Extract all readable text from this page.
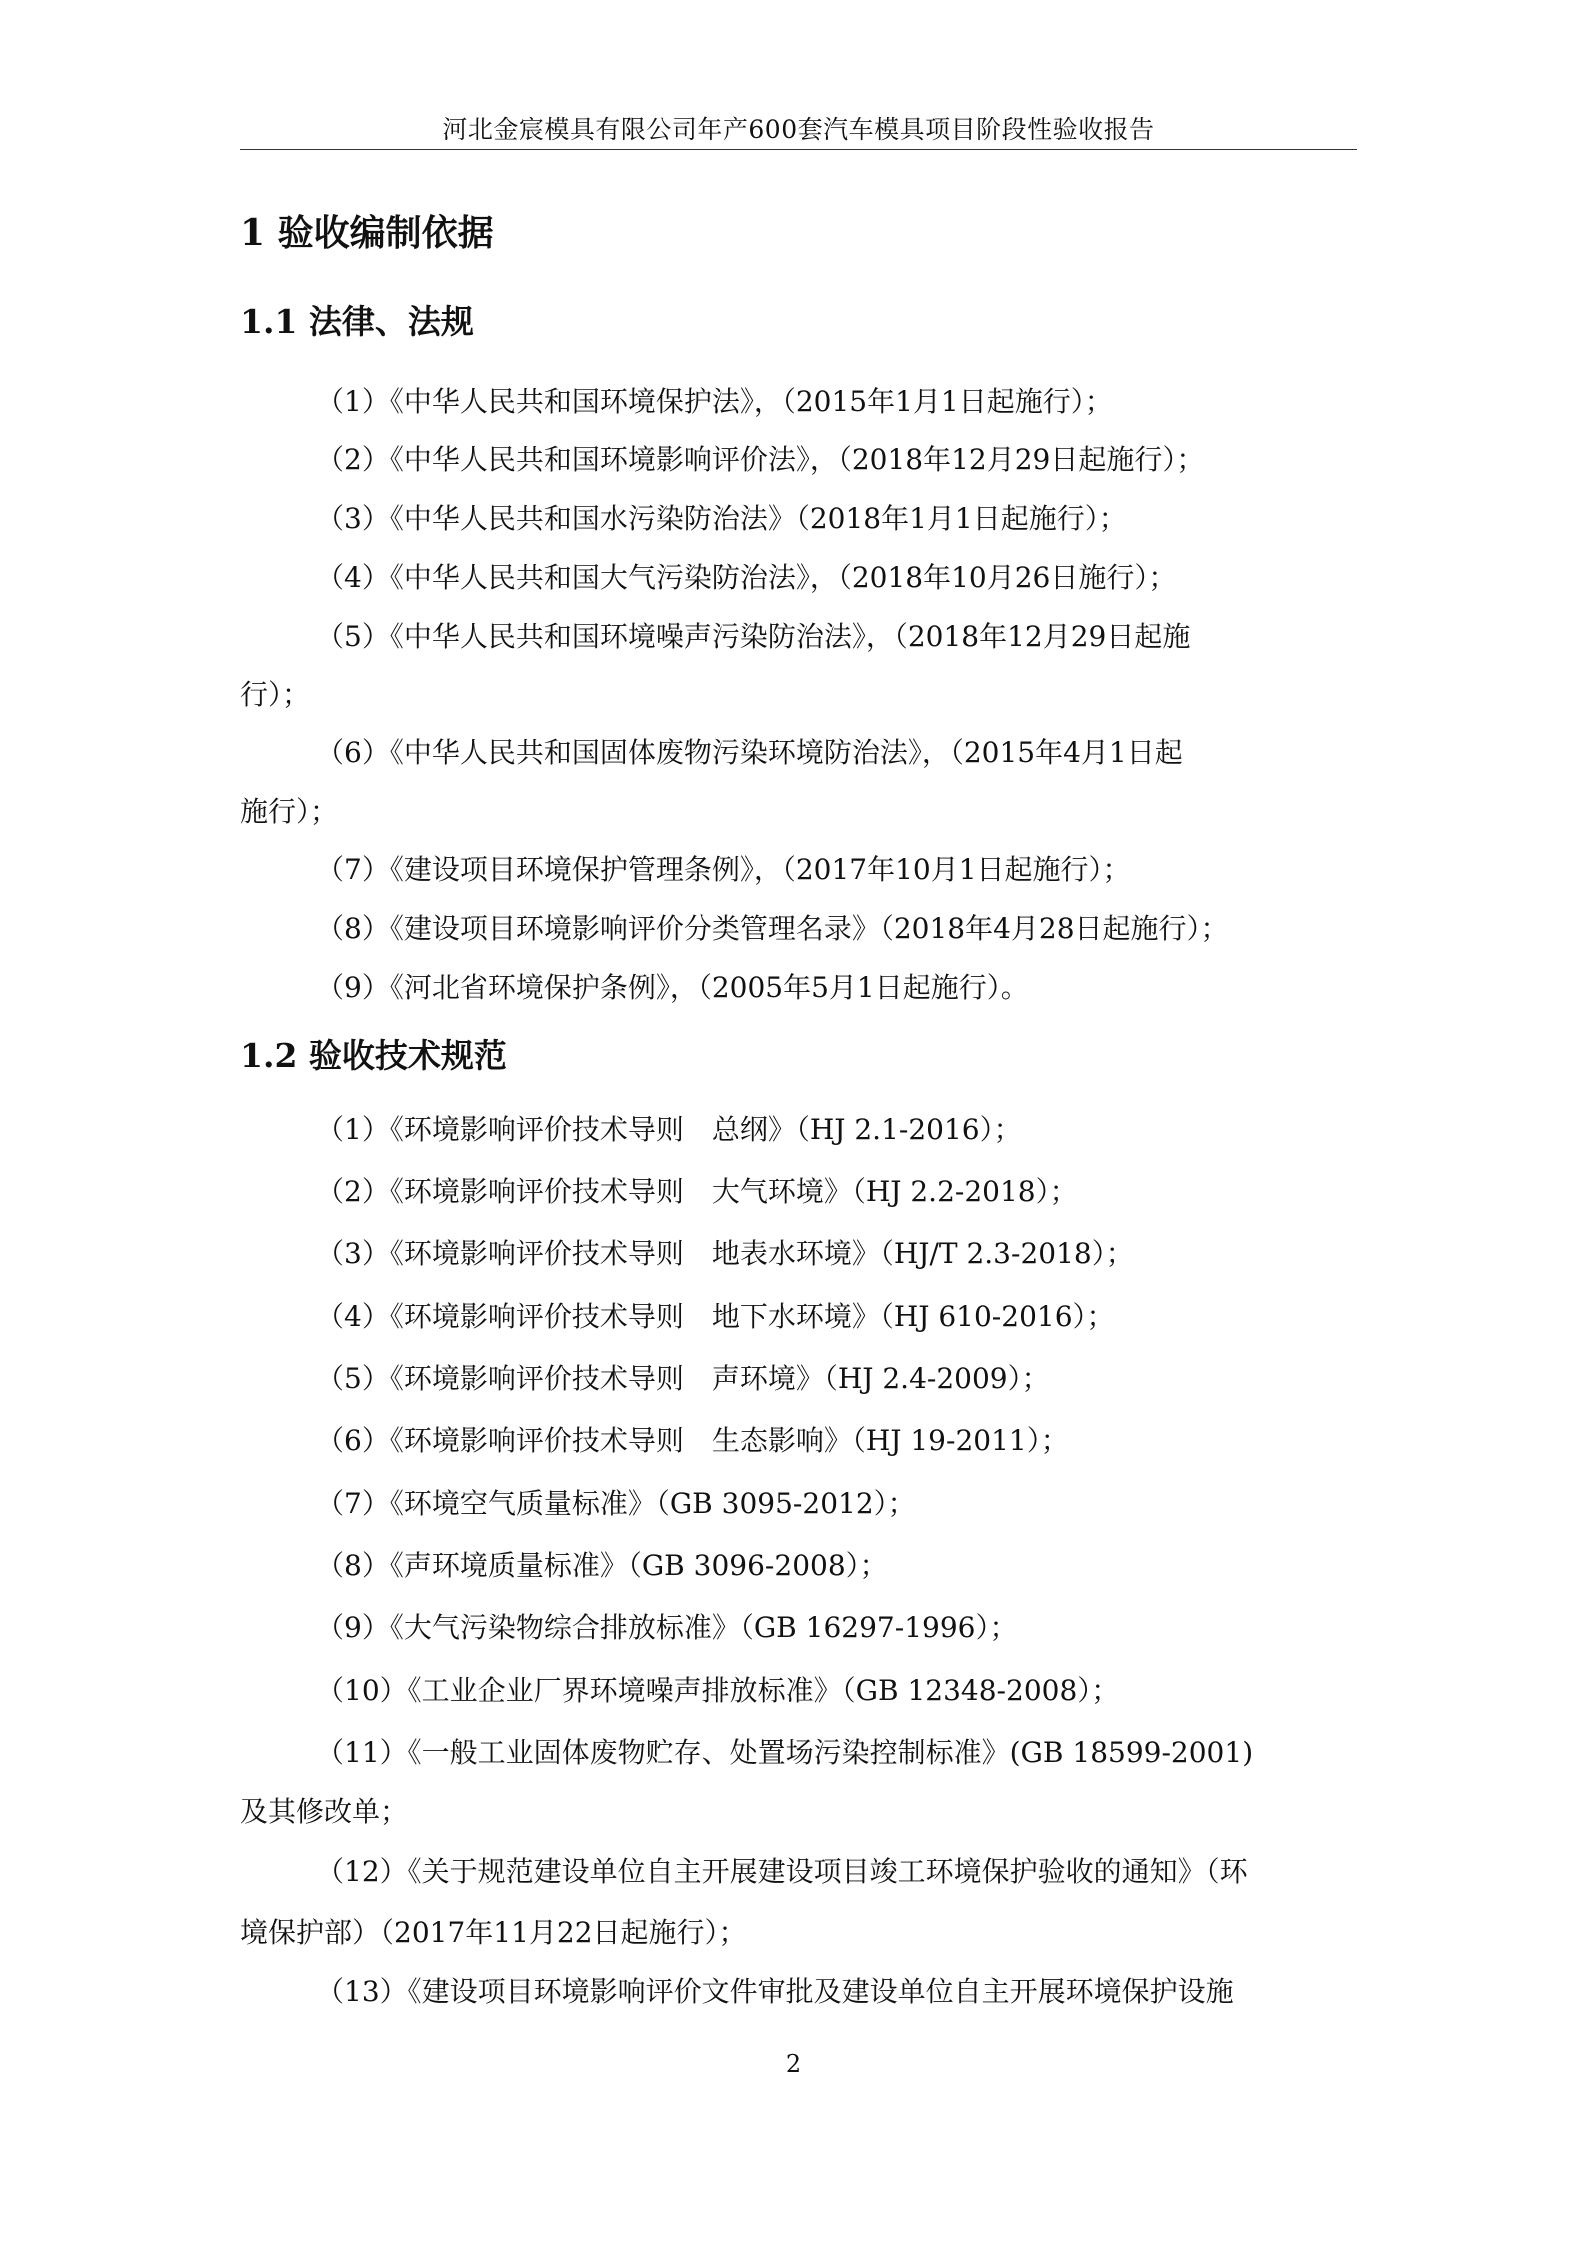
河北金宸模具有限公司年产600套汽车模具项目阶段性验收报告
1 验收编制依据
1.1 法律、法规
（1）《中华人民共和国环境保护法》，（2015年1月1日起施行）；
（2）《中华人民共和国环境影响评价法》，（2018年12月29日起施行）；
（3）《中华人民共和国水污染防治法》（2018年1月1日起施行）；
（4）《中华人民共和国大气污染防治法》，（2018年10月26日施行）；
（5）《中华人民共和国环境噪声污染防治法》，（2018年12月29日起施
行）；
（6）《中华人民共和国固体废物污染环境防治法》，（2015年4月1日起
施行）；
（7）《建设项目环境保护管理条例》，（2017年10月1日起施行）；
（8）《建设项目环境影响评价分类管理名录》（2018年4月28日起施行）；
（9）《河北省环境保护条例》，（2005年5月1日起施行）。
1.2 验收技术规范
（1）《环境影响评价技术导则　总纲》（HJ 2.1-2016）；
（2）《环境影响评价技术导则　大气环境》（HJ 2.2-2018）；
（3）《环境影响评价技术导则　地表水环境》（HJ/T 2.3-2018）；
（4）《环境影响评价技术导则　地下水环境》（HJ 610-2016）；
（5）《环境影响评价技术导则　声环境》（HJ 2.4-2009）；
（6）《环境影响评价技术导则　生态影响》（HJ 19-2011）；
（7）《环境空气质量标准》（GB 3095-2012）；
（8）《声环境质量标准》（GB 3096-2008）；
（9）《大气污染物综合排放标准》（GB 16297-1996）；
（10）《工业企业厂界环境噪声排放标准》（GB 12348-2008）；
（11）《一般工业固体废物贮存、处置场污染控制标准》(GB 18599-2001)
及其修改单；
（12）《关于规范建设单位自主开展建设项目竣工环境保护验收的通知》（环
境保护部）（2017年11月22日起施行）；
（13）《建设项目环境影响评价文件审批及建设单位自主开展环境保护设施
2
